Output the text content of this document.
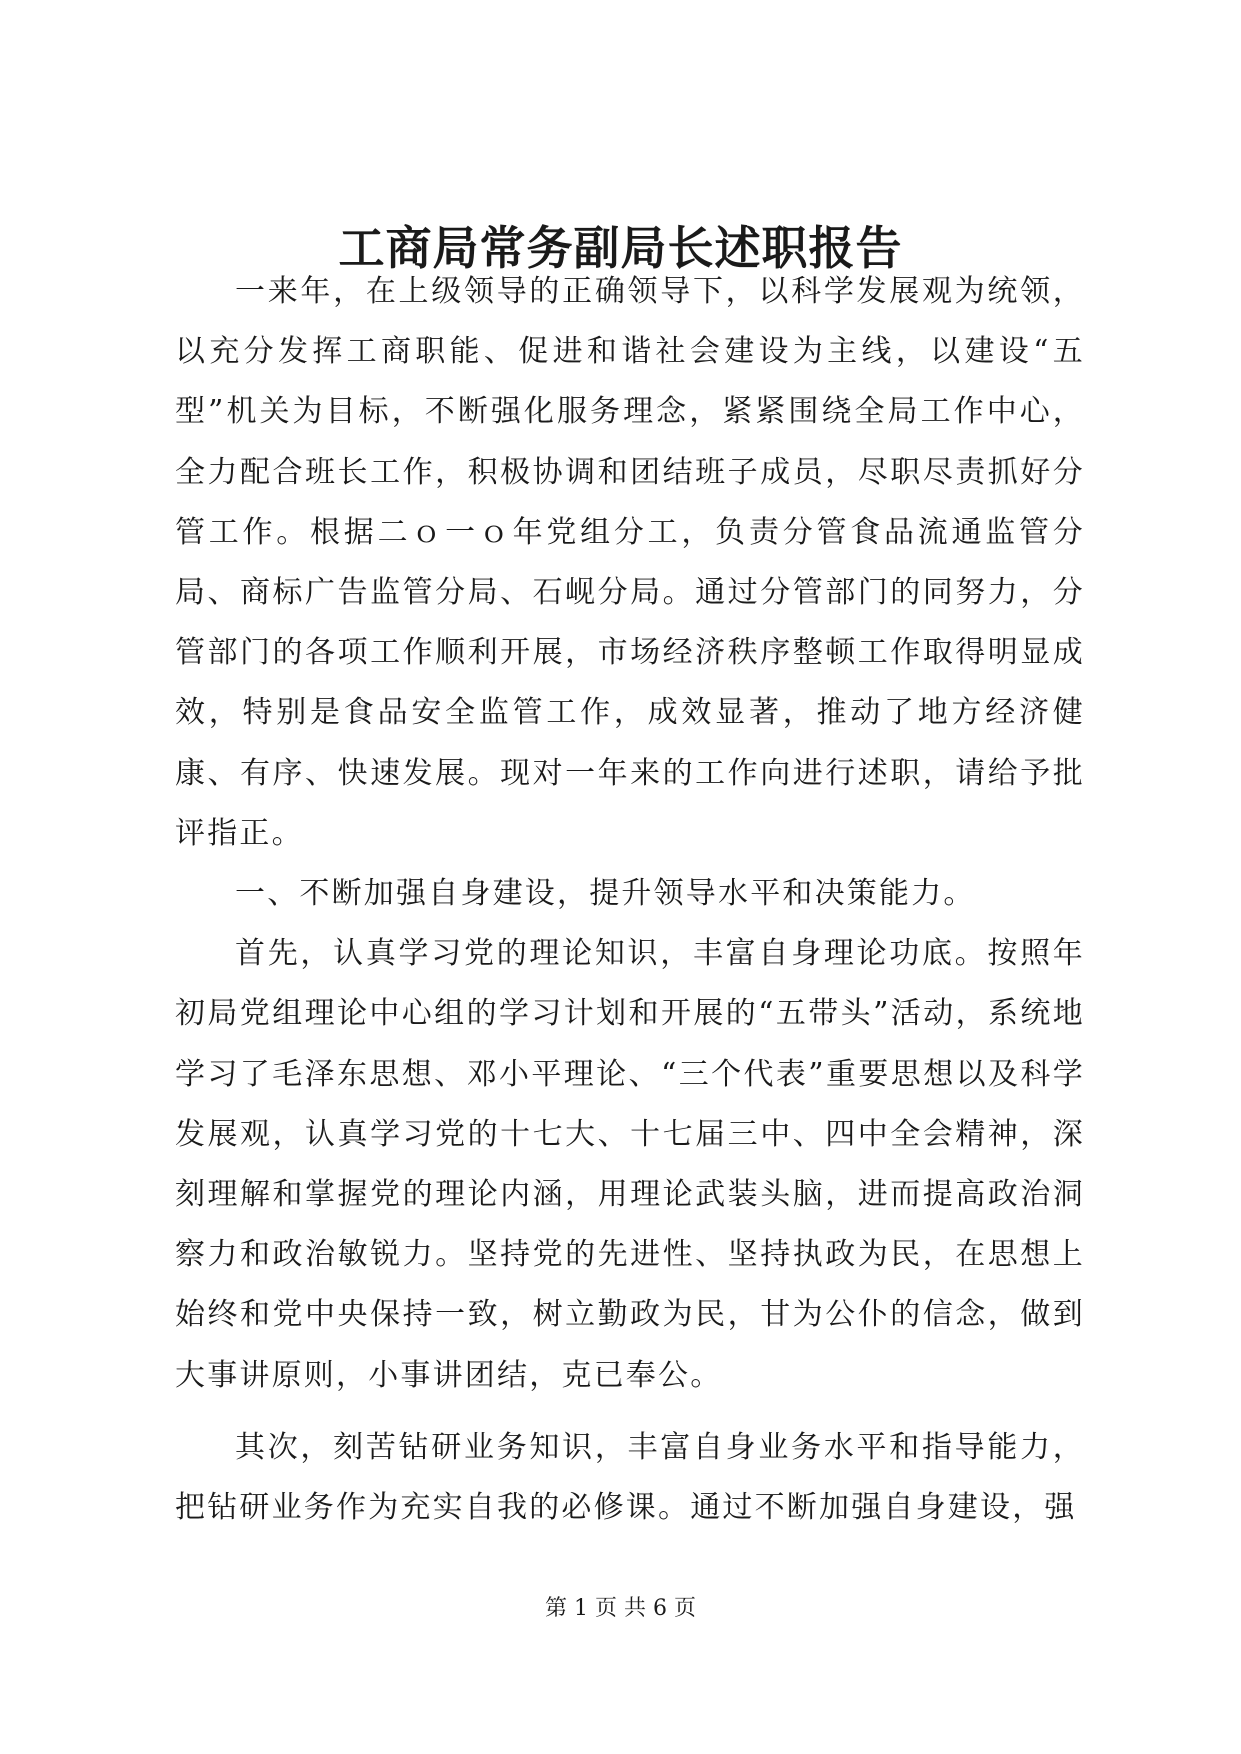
工商局常务副局长述职报告

一来年，在上级领导的正确领导下，以科学发展观为统领，以充分发挥工商职能、促进和谐社会建设为主线，以建设“五型”机关为目标，不断强化服务理念，紧紧围绕全局工作中心，全力配合班长工作，积极协调和团结班子成员，尽职尽责抓好分管工作。根据二ｏ一ｏ年党组分工，负责分管食品流通监管分局、商标广告监管分局、石岘分局。通过分管部门的同努力，分管部门的各项工作顺利开展，市场经济秩序整顿工作取得明显成效，特别是食品安全监管工作，成效显著，推动了地方经济健康、有序、快速发展。现对一年来的工作向进行述职，请给予批评指正。

一、不断加强自身建设，提升领导水平和决策能力。

首先，认真学习党的理论知识，丰富自身理论功底。按照年初局党组理论中心组的学习计划和开展的“五带头”活动，系统地学习了毛泽东思想、邓小平理论、“三个代表”重要思想以及科学发展观，认真学习党的十七大、十七届三中、四中全会精神，深刻理解和掌握党的理论内涵，用理论武装头脑，进而提高政治洞察力和政治敏锐力。坚持党的先进性、坚持执政为民，在思想上始终和党中央保持一致，树立勤政为民，甘为公仆的信念，做到大事讲原则，小事讲团结，克已奉公。

其次，刻苦钻研业务知识，丰富自身业务水平和指导能力，把钻研业务作为充实自我的必修课。通过不断加强自身建设，强

第 1 页 共 6 页
